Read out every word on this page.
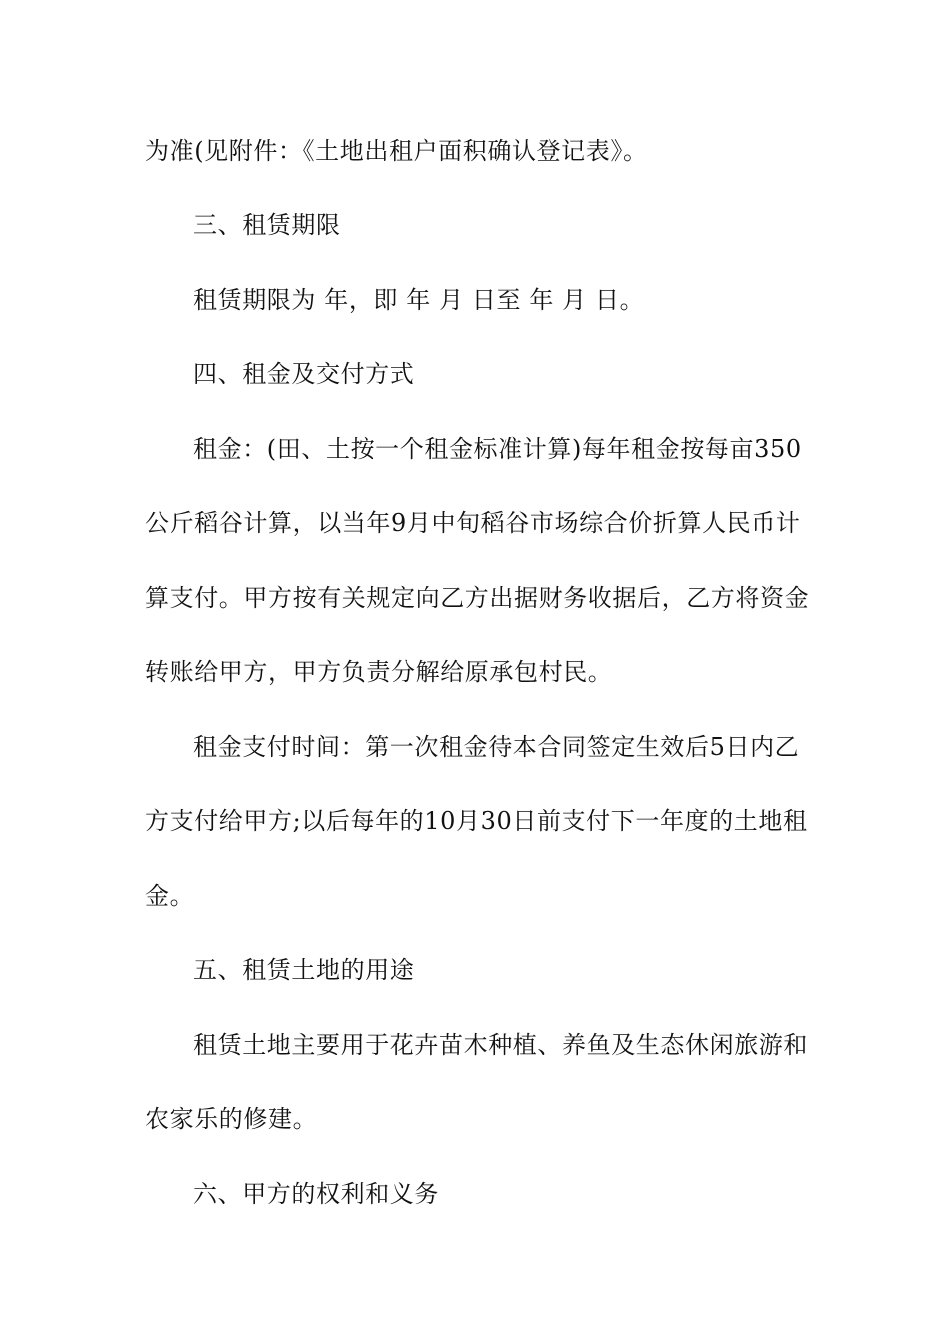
为准(见附件：《土地出租户面积确认登记表》。
三、租赁期限
租赁期限为 年，即 年 月 日至 年 月 日。
四、租金及交付方式
租金：(田、土按一个租金标准计算)每年租金按每亩350
公斤稻谷计算，以当年9月中旬稻谷市场综合价折算人民币计
算支付。甲方按有关规定向乙方出据财务收据后，乙方将资金
转账给甲方，甲方负责分解给原承包村民。
租金支付时间：第一次租金待本合同签定生效后5日内乙
方支付给甲方;以后每年的10月30日前支付下一年度的土地租
金。
五、租赁土地的用途
租赁土地主要用于花卉苗木种植、养鱼及生态休闲旅游和
农家乐的修建。
六、甲方的权利和义务
